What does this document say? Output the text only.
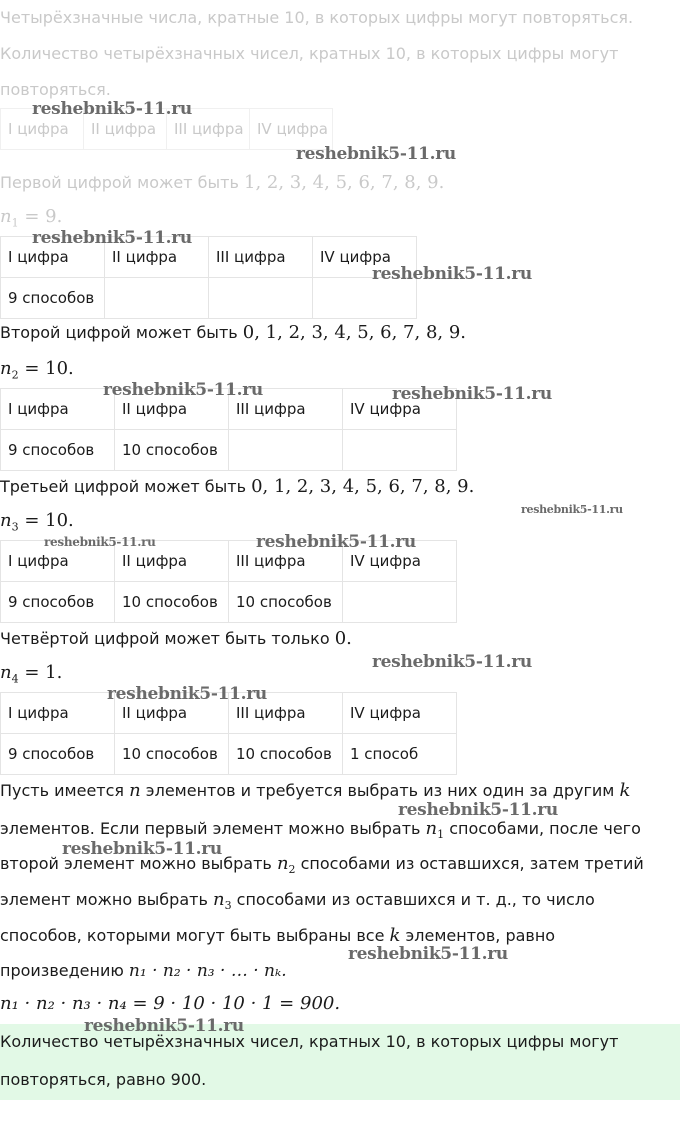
Четырёхзначные числа, кратные 10, в которых цифры могут повторяться.
Количество четырёхзначных чисел, кратных 10, в которых цифры могут
повторяться.
I цифра	II цифра	III цифра	IV цифра
Первой цифрой может быть 1, 2, 3, 4, 5, 6, 7, 8, 9.
$n_1 = 9$.
I цифра	II цифра	III цифра	IV цифра
9 способов			
Второй цифрой может быть 0, 1, 2, 3, 4, 5, 6, 7, 8, 9.
$n_2 = 10$.
I цифра	II цифра	III цифра	IV цифра
9 способов	10 способов		
Третьей цифрой может быть 0, 1, 2, 3, 4, 5, 6, 7, 8, 9.
$n_3 = 10$.
I цифра	II цифра	III цифра	IV цифра
9 способов	10 способов	10 способов	
Четвёртой цифрой может быть только 0.
$n_4 = 1$.
I цифра	II цифра	III цифра	IV цифра
9 способов	10 способов	10 способов	1 способ
Пусть имеется n элементов и требуется выбрать из них один за другим k
элементов. Если первый элемент можно выбрать $n_1$ способами, после чего
второй элемент можно выбрать $n_2$ способами из оставшихся, затем третий
элемент можно выбрать $n_3$ способами из оставшихся и т. д., то число
способов, которыми могут быть выбраны все k элементов, равно
произведению n₁ · n₂ · n₃ · … · nₖ.
n₁ · n₂ · n₃ · n₄ = 9 · 10 · 10 · 1 = 900.
Количество четырёхзначных чисел, кратных 10, в которых цифры могут
повторяться, равно 900.
reshebnik5-11.ru
reshebnik5-11.ru
reshebnik5-11.ru
reshebnik5-11.ru
reshebnik5-11.ru	reshebnik5-11.ru
reshebnik5-11.ru
reshebnik5-11.ru	reshebnik5-11.ru
reshebnik5-11.ru
reshebnik5-11.ru
reshebnik5-11.ru
reshebnik5-11.ru
reshebnik5-11.ru
reshebnik5-11.ru
